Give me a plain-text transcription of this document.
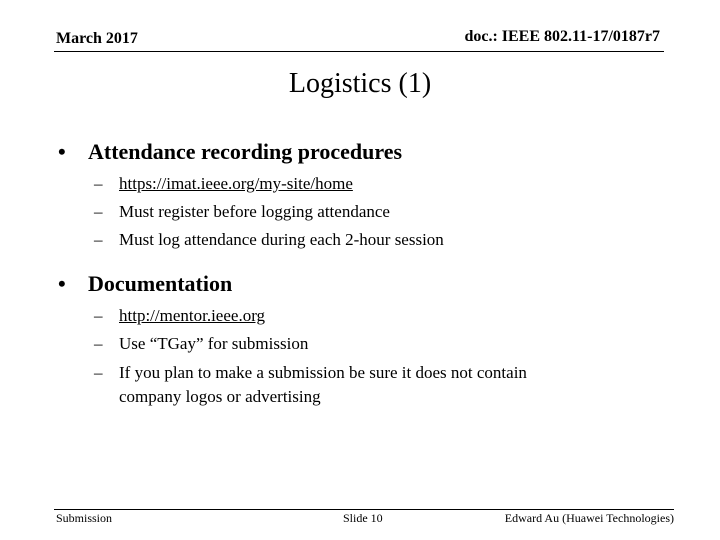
March 2017	doc.: IEEE 802.11-17/0187r7
Logistics (1)
• Attendance recording procedures
– https://imat.ieee.org/my-site/home
– Must register before logging attendance
– Must log attendance during each 2-hour session
• Documentation
– http://mentor.ieee.org
– Use “TGay” for submission
– If you plan to make a submission be sure it does not contain
company logos or advertising
Submission	Slide 10	Edward Au (Huawei Technologies)
